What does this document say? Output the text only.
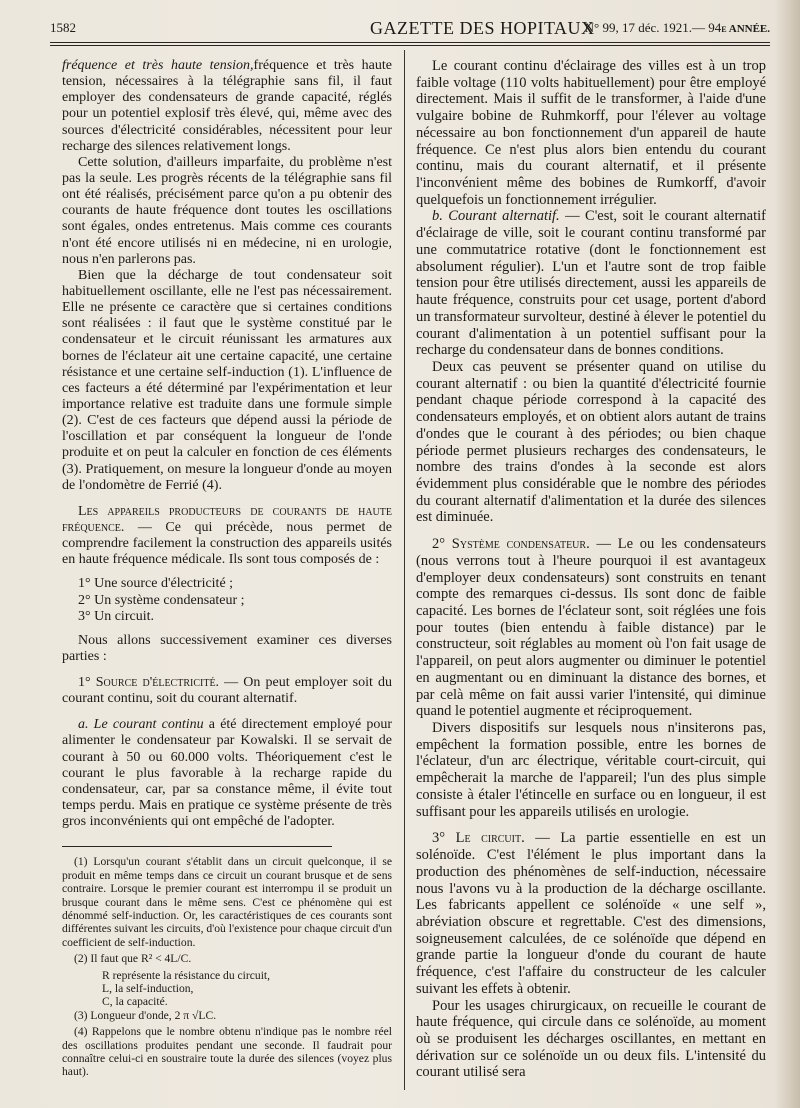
1582	GAZETTE DES HOPITAUX
N° 99, 17 déc. 1921.— 94e ANNÉE.

fréquence et très haute tension,fréquence et très haute tension, nécessaires à la télégraphie sans fil, il faut employer des condensateurs de grande capacité, réglés pour un potentiel explosif très élevé, qui, même avec des sources d'électricité considérables, nécessitent pour leur recharge des silences relativement longs.

Cette solution, d'ailleurs imparfaite, du problème n'est pas la seule. Les progrès récents de la télégraphie sans fil ont été réalisés, précisément parce qu'on a pu obtenir des courants de haute fréquence dont toutes les oscillations sont égales, ondes entretenus. Mais comme ces courants n'ont été encore utilisés ni en médecine, ni en urologie, nous n'en parlerons pas.

Bien que la décharge de tout condensateur soit habituellement oscillante, elle ne l'est pas nécessairement. Elle ne présente ce caractère que si certaines conditions sont réalisées : il faut que le système constitué par le condensateur et le circuit réunissant les armatures aux bornes de l'éclateur ait une certaine capacité, une certaine résistance et une certaine self-induction (1). L'influence de ces facteurs a été déterminé par l'expérimentation et leur importance relative est traduite dans une formule simple (2). C'est de ces facteurs que dépend aussi la période de l'oscillation et par conséquent la longueur de l'onde produite et on peut la calculer en fonction de ces éléments (3). Pratiquement, on mesure la longueur d'onde au moyen de l'ondomètre de Ferrié (4).

Les appareils producteurs de courants de haute fréquence. — Ce qui précède, nous permet de comprendre facilement la construction des appareils usités en haute fréquence médicale. Ils sont tous composés de :

1° Une source d'électricité ;
2° Un système condensateur ;
3° Un circuit.

Nous allons successivement examiner ces diverses parties :

1° Source d'électricité. — On peut employer soit du courant continu, soit du courant alternatif.

a. Le courant continu a été directement employé pour alimenter le condensateur par Kowalski. Il se servait de courant à 50 ou 60.000 volts. Théoriquement c'est le courant le plus favorable à la recharge rapide du condensateur, car, par sa constance même, il évite tout temps perdu. Mais en pratique ce système présente de très gros inconvénients qui ont empêché de l'adopter.

(1) Lorsqu'un courant s'établit dans un circuit quelconque, il se produit en même temps dans ce circuit un courant brusque et de sens contraire. Lorsque le premier courant est interrompu il se produit un brusque courant dans le même sens. C'est ce phénomène qui est dénommé self-induction. Or, les caractéristiques de ces courants sont différentes suivant les circuits, d'où l'existence pour chaque circuit d'un coefficient de self-induction.

(2) Il faut que R² < 4L/C.

R représente la résistance du circuit,

L, la self-induction,

C, la capacité.

(3) Longueur d'onde, 2 π √LC.

(4) Rappelons que le nombre obtenu n'indique pas le nombre réel des oscillations produites pendant une seconde. Il faudrait pour connaître celui-ci en soustraire toute la durée des silences (voyez plus haut).

Le courant continu d'éclairage des villes est à un trop faible voltage (110 volts habituellement) pour être employé directement. Mais il suffit de le transformer, à l'aide d'une vulgaire bobine de Ruhmkorff, pour l'élever au voltage nécessaire au bon fonctionnement d'un appareil de haute fréquence. Ce n'est plus alors bien entendu du courant continu, mais du courant alternatif, et il présente l'inconvénient même des bobines de Rumkorff, d'avoir quelquefois un fonctionnement irrégulier.

b. Courant alternatif. — C'est, soit le courant alternatif d'éclairage de ville, soit le courant continu transformé par une commutatrice rotative (dont le fonctionnement est absolument régulier). L'un et l'autre sont de trop faible tension pour être utilisés directement, aussi les appareils de haute fréquence, construits pour cet usage, portent d'abord un transformateur survolteur, destiné à élever le potentiel du courant d'alimentation à un potentiel suffisant pour la recharge du condensateur dans de bonnes conditions.

Deux cas peuvent se présenter quand on utilise du courant alternatif : ou bien la quantité d'électricité fournie pendant chaque période correspond à la capacité des condensateurs employés, et on obtient alors autant de trains d'ondes que le courant à des périodes; ou bien chaque période permet plusieurs recharges des condensateurs, le nombre des trains d'ondes à la seconde est alors évidemment plus considérable que le nombre des périodes du courant alternatif d'alimentation et la durée des silences est diminuée.

2° Système condensateur. — Le ou les condensateurs (nous verrons tout à l'heure pourquoi il est avantageux d'employer deux condensateurs) sont construits en tenant compte des remarques ci-dessus. Ils sont donc de faible capacité. Les bornes de l'éclateur sont, soit réglées une fois pour toutes (bien entendu à faible distance) par le constructeur, soit réglables au moment où l'on fait usage de l'appareil, on peut alors augmenter ou diminuer le potentiel en augmentant ou en diminuant la distance des bornes, et par celà même on fait aussi varier l'intensité, qui diminue quand le potentiel augmente et réciproquement.

Divers dispositifs sur lesquels nous n'insiterons pas, empêchent la formation possible, entre les bornes de l'éclateur, d'un arc électrique, véritable court-circuit, qui empêcherait la marche de l'appareil; l'un des plus simple consiste à étaler l'étincelle en surface ou en longueur, il est suffisant pour les appareils utilisés en urologie.

3° Le circuit. — La partie essentielle en est un solénoïde. C'est l'élément le plus important dans la production des phénomènes de self-induction, nécessaire nous l'avons vu à la production de la décharge oscillante. Les fabricants appellent ce solénoïde « une self », abréviation obscure et regrettable. C'est des dimensions, soigneusement calculées, de ce solénoïde que dépend en grande partie la longueur d'onde du courant de haute fréquence, c'est l'affaire du constructeur de les calculer suivant les effets à obtenir.

Pour les usages chirurgicaux, on recueille le courant de haute fréquence, qui circule dans ce solénoïde, au moment où se produisent les décharges oscillantes, en mettant en dérivation sur ce solénoïde un ou deux fils. L'intensité du courant utilisé sera
